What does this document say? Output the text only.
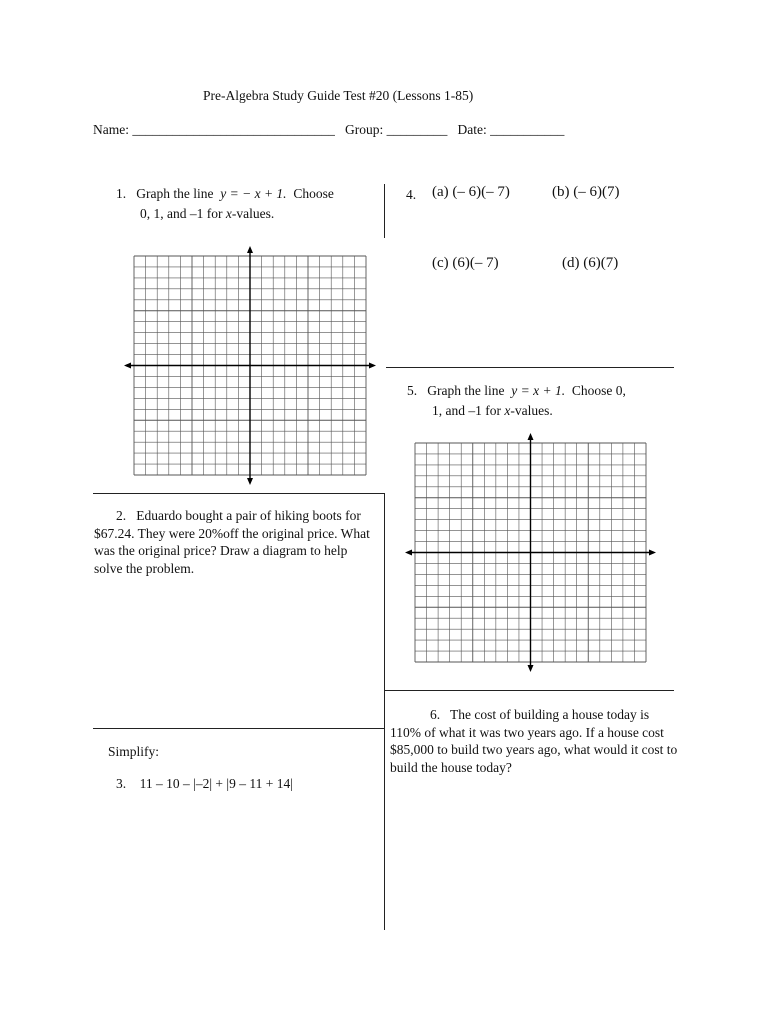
Pre-Algebra Study Guide Test #20 (Lessons 1-85)
Name: ______________________________ Group: _________ Date: ___________
1. Graph the line y = − x + 1. Choose
0, 1, and –1 for x-values.
4. (a) (– 6)(– 7)	(b) (– 6)(7)
(c) (6)(– 7)	(d) (6)(7)
5. Graph the line y = x + 1. Choose 0,
1, and –1 for x-values.
2. Eduardo bought a pair of hiking boots for $67.24. They were 20%off the original price. What was the original price? Draw a diagram to help solve the problem.
6. The cost of building a house today is 110% of what it was two years ago. If a house cost $85,000 to build two years ago, what would it cost to build the house today?
Simplify:
3. 11 – 10 – |–2| + |9 – 11 + 14|
